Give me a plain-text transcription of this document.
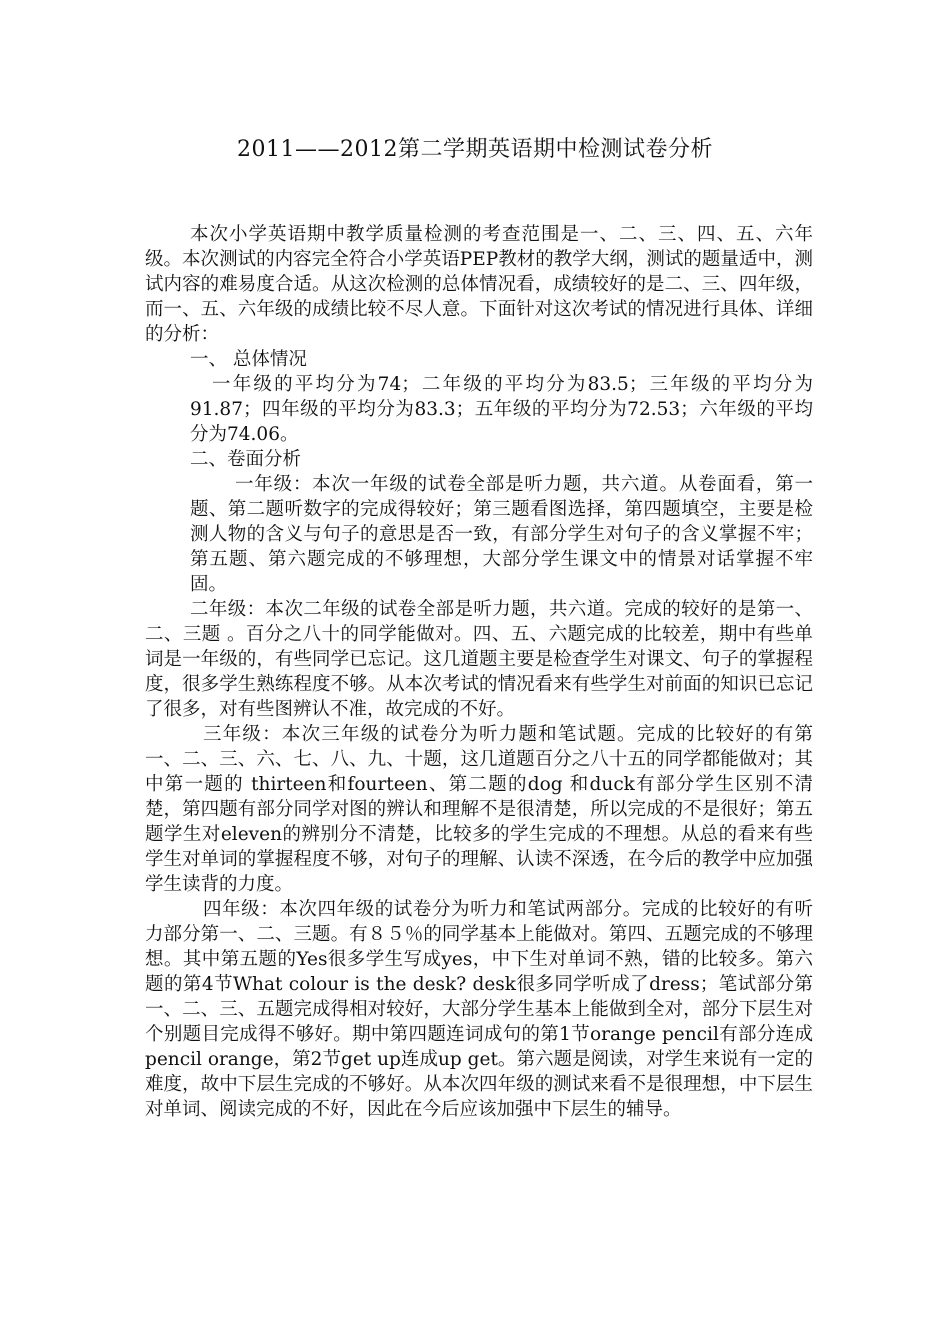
2011——2012第二学期英语期中检测试卷分析

本次小学英语期中教学质量检测的考查范围是一、二、三、四、五、六年级。本次测试的内容完全符合小学英语PEP教材的教学大纲，测试的题量适中，测试内容的难易度合适。从这次检测的总体情况看，成绩较好的是二、三、四年级，而一、五、六年级的成绩比较不尽人意。下面针对这次考试的情况进行具体、详细的分析：

一、 总体情况

一年级的平均分为74；二年级的平均分为83.5；三年级的平均分为91.87；四年级的平均分为83.3；五年级的平均分为72.53；六年级的平均分为74.06。

二、卷面分析

一年级：本次一年级的试卷全部是听力题，共六道。从卷面看，第一题、第二题听数字的完成得较好；第三题看图选择，第四题填空，主要是检测人物的含义与句子的意思是否一致，有部分学生对句子的含义掌握不牢；第五题、第六题完成的不够理想，大部分学生课文中的情景对话掌握不牢固。

二年级：本次二年级的试卷全部是听力题，共六道。完成的较好的是第一、二、三题 。百分之八十的同学能做对。四、五、六题完成的比较差，期中有些单词是一年级的，有些同学已忘记。这几道题主要是检查学生对课文、句子的掌握程度，很多学生熟练程度不够。从本次考试的情况看来有些学生对前面的知识已忘记了很多，对有些图辨认不准，故完成的不好。

三年级：本次三年级的试卷分为听力题和笔试题。完成的比较好的有第一、二、三、六、七、八、九、十题，这几道题百分之八十五的同学都能做对；其中第一题的 thirteen和fourteen、第二题的dog 和duck有部分学生区别不清楚，第四题有部分同学对图的辨认和理解不是很清楚，所以完成的不是很好；第五题学生对eleven的辨别分不清楚，比较多的学生完成的不理想。从总的看来有些学生对单词的掌握程度不够，对句子的理解、认读不深透，在今后的教学中应加强学生读背的力度。

四年级：本次四年级的试卷分为听力和笔试两部分。完成的比较好的有听力部分第一、二、三题。有８５％的同学基本上能做对。第四、五题完成的不够理想。其中第五题的Yes很多学生写成yes，中下生对单词不熟，错的比较多。第六题的第4节What colour is the desk? desk很多同学听成了dress；笔试部分第一、二、三、五题完成得相对较好，大部分学生基本上能做到全对，部分下层生对个别题目完成得不够好。期中第四题连词成句的第1节orange pencil有部分连成pencil orange，第2节get up连成up get。第六题是阅读，对学生来说有一定的难度，故中下层生完成的不够好。从本次四年级的测试来看不是很理想，中下层生对单词、阅读完成的不好，因此在今后应该加强中下层生的辅导。
